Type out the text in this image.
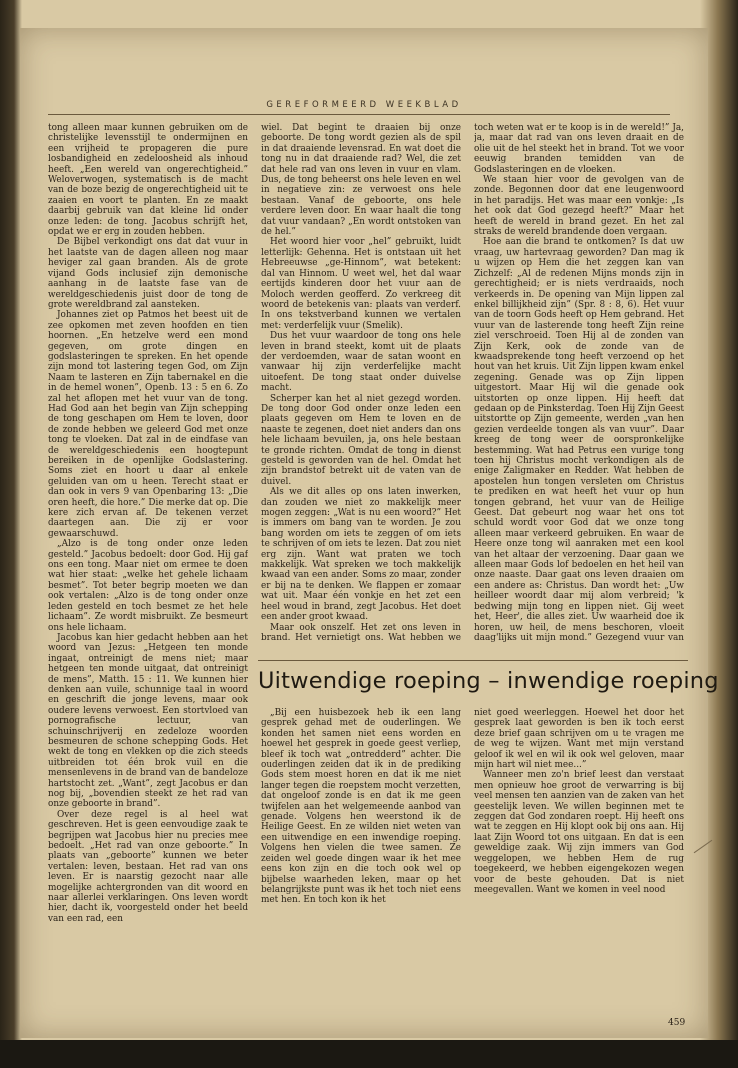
GEREFORMEERD WEEKBLAD

tong alleen maar kunnen gebruiken om de christelijke levensstijl te ondermijnen en een vrijheid te propageren die pure losbandigheid en zedeloosheid als inhoud heeft. „Een wereld van ongerechtigheid.” Weloverwogen, systematisch is de macht van de boze bezig de ongerechtigheid uit te zaaien en voort te planten. En ze maakt daarbij gebruik van dat kleine lid onder onze leden: de tong. Jacobus schrijft het, opdat we er erg in zouden hebben.

De Bijbel verkondigt ons dat dat vuur in het laatste van de dagen alleen nog maar heviger zal gaan branden. Als de grote vijand Gods inclusief zijn demonische aanhang in de laatste fase van de wereldgeschiedenis juist door de tong de grote wereldbrand zal aansteken.

Johannes ziet op Patmos het beest uit de zee opkomen met zeven hoofden en tien hoornen. „En hetzelve werd een mond gegeven, om grote dingen en godslasteringen te spreken. En het opende zijn mond tot lastering tegen God, om Zijn Naam te lasteren en Zijn tabernakel en die in de hemel wonen”, Openb. 13 : 5 en 6. Zo zal het aflopen met het vuur van de tong. Had God aan het begin van Zijn schepping de tong geschapen om Hem te loven, door de zonde hebben we geleerd God met onze tong te vloeken. Dat zal in de eindfase van de wereldgeschiedenis een hoogtepunt bereiken in de openlijke Godslastering. Soms ziet en hoort u daar al enkele geluiden van om u heen. Terecht staat er dan ook in vers 9 van Openbaring 13: „Die oren heeft, die hore.” Die merke dat op. Die kere zich ervan af. De tekenen verzet daartegen aan. Die zij er voor gewaarschuwd.

„Alzo is de tong onder onze leden gesteld.” Jacobus bedoelt: door God. Hij gaf ons een tong. Maar niet om ermee te doen wat hier staat: „welke het gehele lichaam besmet”. Tot beter begrip moeten we dan ook vertalen: „Alzo is de tong onder onze leden gesteld en toch besmet ze het hele lichaam”. Ze wordt misbruikt. Ze besmeurt ons hele lichaam.

Jacobus kan hier gedacht hebben aan het woord van Jezus: „Hetgeen ten monde ingaat, ontreinigt de mens niet; maar hetgeen ten monde uitgaat, dat ontreinigt de mens”, Matth. 15 : 11. We kunnen hier denken aan vuile, schunnige taal in woord en geschrift die jonge levens, maar ook oudere levens verwoest. Een stortvloed van pornografische lectuur, van schuinschrijverij en zedeloze woorden besmeuren de schone schepping Gods. Het wekt de tong en vlekken op die zich steeds uitbreiden tot één brok vuil en die mensenlevens in de brand van de bandeloze hartstocht zet. „Want”, zegt Jacobus er dan nog bij, „bovendien steekt ze het rad van onze geboorte in brand”.

Over deze regel is al heel wat geschreven. Het is geen eenvoudige zaak te begrijpen wat Jacobus hier nu precies mee bedoelt. „Het rad van onze geboorte.” In plaats van „geboorte” kunnen we beter vertalen: leven, bestaan. Het rad van ons leven. Er is naarstig gezocht naar alle mogelijke achtergronden van dit woord en naar allerlei verklaringen. Ons leven wordt hier, dacht ik, voorgesteld onder het beeld van een rad, een

wiel. Dat begint te draaien bij onze geboorte. De tong wordt gezien als de spil in dat draaiende levensrad. En wat doet die tong nu in dat draaiende rad? Wel, die zet dat hele rad van ons leven in vuur en vlam. Dus, de tong beheerst ons hele leven en wel in negatieve zin: ze verwoest ons hele bestaan. Vanaf de geboorte, ons hele verdere leven door. En waar haalt die tong dat vuur vandaan? „En wordt ontstoken van de hel.”

Het woord hier voor „hel” gebruikt, luidt letterlijk: Gehenna. Het is ontstaan uit het Hebreeuwse „ge-Hinnom”, wat betekent: dal van Hinnom. U weet wel, het dal waar eertijds kinderen door het vuur aan de Moloch werden geofferd. Zo verkreeg dit woord de betekenis van: plaats van verderf. In ons tekstverband kunnen we vertalen met: verderfelijk vuur (Smelik).

Dus het vuur waardoor de tong ons hele leven in brand steekt, komt uit de plaats der verdoemden, waar de satan woont en vanwaar hij zijn verderfelijke macht uitoefent. De tong staat onder duivelse macht.

Scherper kan het al niet gezegd worden. De tong door God onder onze leden een plaats gegeven om Hem te loven en de naaste te zegenen, doet niet anders dan ons hele lichaam bevuilen, ja, ons hele bestaan te gronde richten. Omdat de tong in dienst gesteld is geworden van de hel. Omdat het zijn brandstof betrekt uit de vaten van de duivel.

Als we dit alles op ons laten inwerken, dan zouden we niet zo makkelijk meer mogen zeggen: „Wat is nu een woord?” Het is immers om bang van te worden. Je zou bang worden om iets te zeggen of om iets te schrijven of om iets te lezen. Dat zou niet erg zijn. Want wat praten we toch makkelijk. Wat spreken we toch makkelijk kwaad van een ander. Soms zo maar, zonder er bij na te denken. We flappen er zomaar wat uit. Maar één vonkje en het zet een heel woud in brand, zegt Jacobus. Het doet een ander groot kwaad.

Maar ook onszelf. Het zet ons leven in brand. Het vernietigt ons. Wat hebben we

toch weten wat er te koop is in de wereld!” Ja, ja, maar dat rad van ons leven draait en de olie uit de hel steekt het in brand. Tot we voor eeuwig branden temidden van de Godslasteringen en de vloeken.

We staan hier voor de gevolgen van de zonde. Begonnen door dat ene leugenwoord in het paradijs. Het was maar een vonkje: „Is het ook dat God gezegd heeft?” Maar het heeft de wereld in brand gezet. En het zal straks de wereld brandende doen vergaan.

Hoe aan die brand te ontkomen? Is dat uw vraag, uw hartevraag geworden? Dan mag ik u wijzen op Hem die het zeggen kan van Zichzelf: „Al de redenen Mijns monds zijn in gerechtigheid; er is niets verdraaids, noch verkeerds in. De opening van Mijn lippen zal enkel billijkheid zijn” (Spr. 8 : 8, 6). Het vuur van de toorn Gods heeft op Hem gebrand. Het vuur van de lasterende tong heeft Zijn reine ziel verschroeid. Toen Hij al de zonden van Zijn Kerk, ook de zonde van de kwaadsprekende tong heeft verzoend op het hout van het kruis. Uit Zijn lippen kwam enkel zegening. Genade was op Zijn lippen uitgestort. Maar Hij wil die genade ook uitstorten op onze lippen. Hij heeft dat gedaan op de Pinksterdag. Toen Hij Zijn Geest uitstortte op Zijn gemeente, werden „van hen gezien verdeelde tongen als van vuur”. Daar kreeg de tong weer de oorspronkelijke bestemming. Wat had Petrus een vurige tong toen hij Christus mocht verkondigen als de enige Zaligmaker en Redder. Wat hebben de apostelen hun tongen versleten om Christus te prediken en wat heeft het vuur op hun tongen gebrand, het vuur van de Heilige Geest. Dat gebeurt nog waar het ons tot schuld wordt voor God dat we onze tong alleen maar verkeerd gebruiken. En waar de Heere onze tong wil aanraken met een kool van het altaar der verzoening. Daar gaan we alleen maar Gods lof bedoelen en het heil van onze naaste. Daar gaat ons leven draaien om een andere as: Christus. Dan wordt het: „Uw heilleer woordt daar mij alom verbreid; 'k bedwing mijn tong en lippen niet. Gij weet het, Heer', die alles ziet. Uw waarheid doe ik horen, uw heil, de mens beschoren, vloeit daag'lijks uit mijn mond.” Gezegend vuur van

Uitwendige roeping – inwendige roeping

„Bij een huisbezoek heb ik een lang gesprek gehad met de ouderlingen. We konden het samen niet eens worden en hoewel het gesprek in goede geest verliep, bleef ik toch wat „ontredderd” achter. Die ouderlingen zeiden dat ik in de prediking Gods stem moest horen en dat ik me niet langer tegen die roepstem mocht verzetten, dat ongeloof zonde is en dat ik me geen twijfelen aan het welgemeende aanbod van genade. Volgens hen weerstond ik de Heilige Geest. En ze wilden niet weten van een uitwendige en een inwendige roeping. Volgens hen vielen die twee samen. Ze zeiden wel goede dingen waar ik het mee eens kon zijn en die toch ook wel op bijbelse waarheden leken, maar op het belangrijkste punt was ik het toch niet eens met hen. En toch kon ik het

niet goed weerleggen. Hoewel het door het gesprek laat geworden is ben ik toch eerst deze brief gaan schrijven om u te vragen me de weg te wijzen. Want met mijn verstand geloof ik wel en wil ik ook wel geloven, maar mijn hart wil niet mee...”

Wanneer men zo'n brief leest dan verstaat men opnieuw hoe groot de verwarring is bij veel mensen ten aanzien van de zaken van het geestelijk leven. We willen beginnen met te zeggen dat God zondaren roept. Hij heeft ons wat te zeggen en Hij klopt ook bij ons aan. Hij laat Zijn Woord tot ons uitgaan. En dat is een geweldige zaak. Wij zijn immers van God weggelopen, we hebben Hem de rug toegekeerd, we hebben eigengekozen wegen voor de beste gehouden. Dat is niet meegevallen. Want we komen in veel nood

459
